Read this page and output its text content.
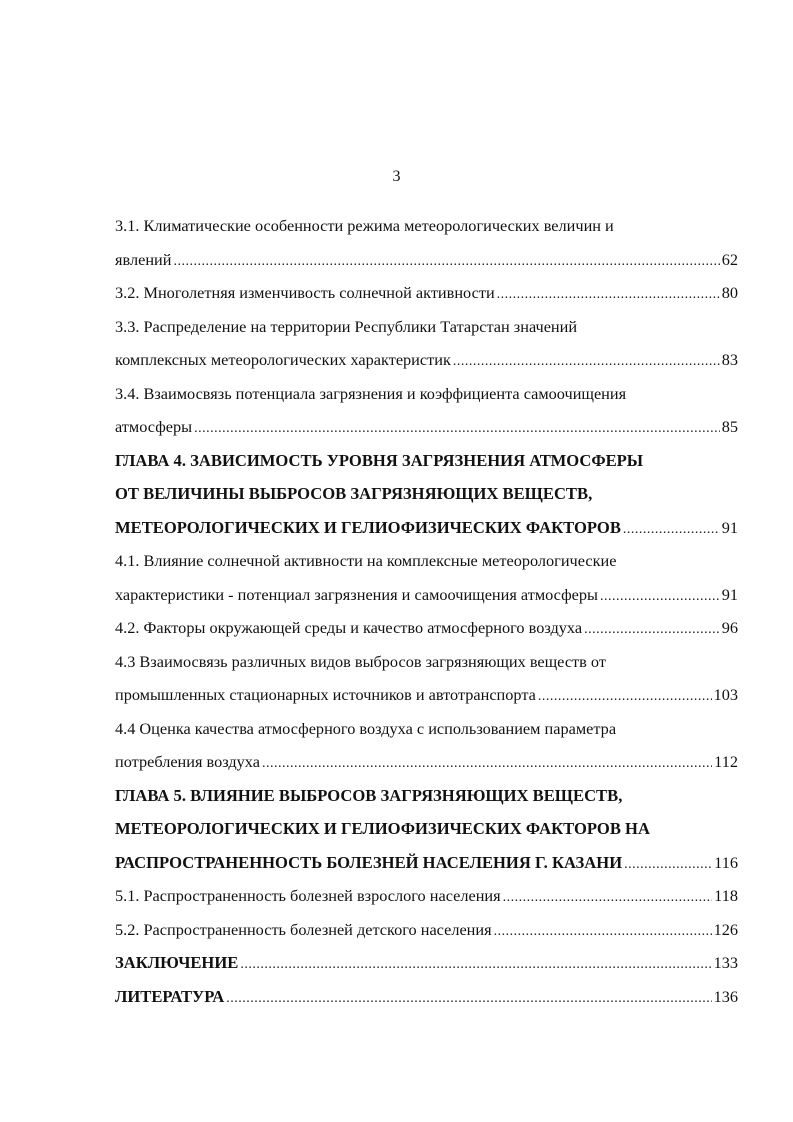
3
3.1. Климатические особенности режима метеорологических величин и
явлений .....	62
3.2. Многолетняя изменчивость солнечной активности .....	80
3.3. Распределение на территории Республики Татарстан значений
комплексных метеорологических характеристик .....	83
3.4. Взаимосвязь потенциала загрязнения и коэффициента самоочищения
атмосферы .....	85
ГЛАВА 4. ЗАВИСИМОСТЬ УРОВНЯ ЗАГРЯЗНЕНИЯ АТМОСФЕРЫ
ОТ ВЕЛИЧИНЫ ВЫБРОСОВ ЗАГРЯЗНЯЮЩИХ ВЕЩЕСТВ,
МЕТЕОРОЛОГИЧЕСКИХ И ГЕЛИОФИЗИЧЕСКИХ ФАКТОРОВ .....	91
4.1. Влияние солнечной активности на комплексные метеорологические
характеристики - потенциал загрязнения и самоочищения атмосферы .....	91
4.2. Факторы окружающей среды и качество атмосферного воздуха .....	96
4.3 Взаимосвязь различных видов выбросов загрязняющих веществ от
промышленных стационарных источников и автотранспорта .....	103
4.4 Оценка качества атмосферного воздуха с использованием параметра
потребления воздуха .....	112
ГЛАВА 5. ВЛИЯНИЕ ВЫБРОСОВ ЗАГРЯЗНЯЮЩИХ ВЕЩЕСТВ,
МЕТЕОРОЛОГИЧЕСКИХ И ГЕЛИОФИЗИЧЕСКИХ ФАКТОРОВ НА
РАСПРОСТРАНЕННОСТЬ БОЛЕЗНЕЙ НАСЕЛЕНИЯ Г. КАЗАНИ .....	116
5.1. Распространенность болезней взрослого населения .....	118
5.2. Распространенность болезней детского населения .....	126
ЗАКЛЮЧЕНИЕ .....	133
ЛИТЕРАТУРА .....	136
